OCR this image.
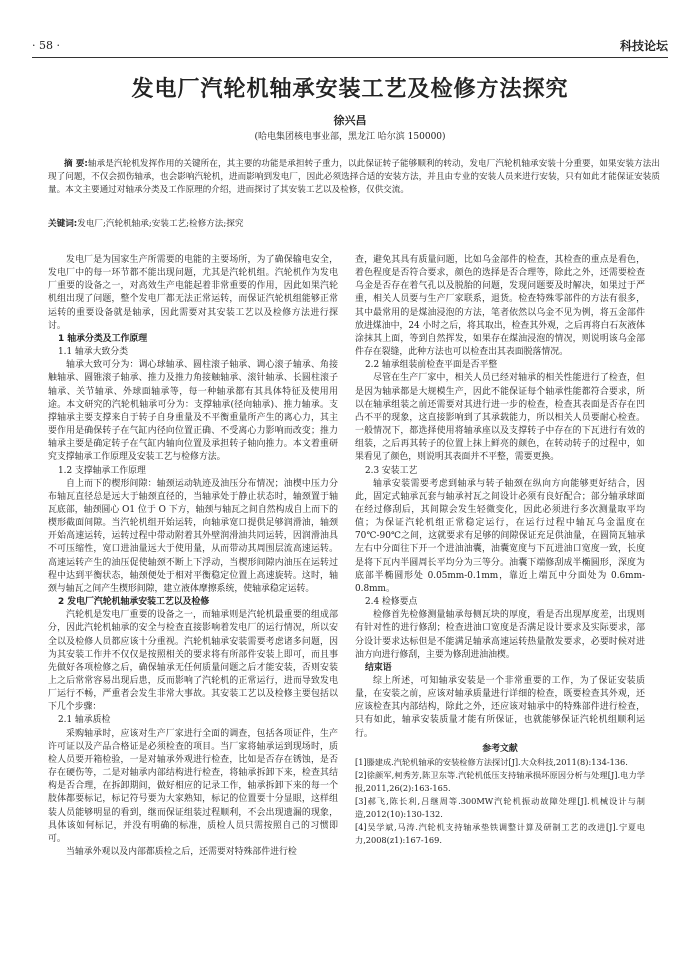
· 58 ·	科技论坛
发电厂汽轮机轴承安装工艺及检修方法探究
徐兴昌
(哈电集团核电事业部，黑龙江 哈尔滨 150000)

摘 要:轴承是汽轮机发挥作用的关键所在，其主要的功能是承担转子重力，以此保证转子能够顺利的转动，发电厂汽轮机轴承安装十分重要，如果安装方法出现了问题，不仅会损伤轴承，也会影响汽轮机，进而影响到发电厂，因此必须选择合适的安装方法，并且由专业的安装人员来进行安装，只有如此才能保证安装质量。本文主要通过对轴承分类及工作原理的介绍，进而探讨了其安装工艺以及检修，仅供交流。

关键词:发电厂;汽轮机轴承;安装工艺;检修方法;探究

发电厂是为国家生产所需要的电能的主要场所，为了确保输电安全，发电厂中的每一环节都不能出现问题，尤其是汽轮机组。汽轮机作为发电厂重要的设备之一，对高效生产电能起着非常重要的作用，因此如果汽轮机组出现了问题，整个发电厂都无法正常运转，而保证汽轮机组能够正常运转的重要设备就是轴承，因此需要对其安装工艺以及检修方法进行探讨。

1 轴承分类及工作原理

1.1 轴承大致分类

轴承大致可分为：调心球轴承、圆柱滚子轴承、调心滚子轴承、角接触轴承、圆锥滚子轴承、推力及推力角接触轴承、滚针轴承、长圆柱滚子轴承、关节轴承、外球面轴承等，每一种轴承都有其具体特征及使用用途。本文研究的汽轮机轴承可分为：支撑轴承(径向轴承)、推力轴承。支撑轴承主要支撑来自于转子自身重量及不平衡重量所产生的离心力，其主要作用是确保转子在气缸内径向位置正确、不受离心力影响而改变；推力轴承主要是确定转子在气缸内轴向位置及承担转子轴向推力。本文着重研究支撑轴承工作原理及安装工艺与检修方法。

1.2 支撑轴承工作原理

自上而下的楔形间隙：轴颈运动轨迹及油压分布情况；油楔中压力分布轴瓦直径总是远大于轴颈直径的，当轴承处于静止状态时，轴颈置于轴瓦底部，轴颈圆心 O1 位于 O 下方，轴颈与轴瓦之间自然构成自上而下的楔形截面间隙。当汽轮机组开始运转，向轴承宽口提供足够润滑油，轴颈开始高速运转，运转过程中带动附着其外壁润滑油共同运转，因润滑油具不可压缩性，宽口进油量远大于使用量，从而带动其周围层流高速运转。高速运转产生的油压促使轴颈不断上下浮动，当楔形间隙内油压在运转过程中达到平衡状态，轴颈便处于相对平衡稳定位置上高速旋转。这时，轴颈与轴瓦之间产生楔形间隙，建立液体摩擦系统，使轴承稳定运转。

2 发电厂汽轮机轴承安装工艺以及检修

汽轮机是发电厂重要的设备之一，而轴承则是汽轮机最重要的组成部分，因此汽轮机轴承的安全与检查直接影响着发电厂的运行情况，所以安全以及检修人员都应该十分重视。汽轮机轴承安装需要考虑诸多问题，因为其安装工作并不仅仅是按照相关的要求将有所部件安装上即可，而且事先做好各项检修之后，确保轴承无任何质量问题之后才能安装，否则安装上之后常常容易出现后患，反而影响了汽轮机的正常运行，进而导致发电厂运行不畅，严重者会发生非常大事故。其安装工艺以及检修主要包括以下几个步骤：

2.1 轴承质检

采购轴承时，应该对生产厂家进行全面的调查，包括各项证件，生产许可证以及产品合格证是必须检查的项目。当厂家将轴承运到现场时，质检人员要开箱检验，一是对轴承外观进行检查，比如是否存在锈蚀，是否存在硬伤等，二是对轴承内部结构进行检查，将轴承拆卸下来，检查其结构是否合理，在拆卸期间，做好相应的记录工作，轴承拆卸下来的每一个肢体都要标记，标记符号要为大家熟知，标记的位置要十分显眼，这样组装人员能够明显的看到，继而保证组装过程顺利，不会出现遗漏的现象，具体该如何标记，并没有明确的标准，质检人员只需按照自己的习惯即可。

当轴承外观以及内部都质检之后，还需要对特殊部件进行检

查，避免其具有质量问题，比如乌金部件的检查，其检查的重点是看色，着色程度是否符合要求，颜色的选择是否合理等，除此之外，还需要检查乌金是否存在着气孔以及脱胎的问题，发现问题要及时解决，如果过于严重，相关人员要与生产厂家联系，退货。检查特殊零部件的方法有很多，其中最常用的是煤油浸泡的方法，笔者依然以乌金不见为例，将五金部件放进煤油中，24 小时之后，将其取出，检查其外观，之后再将白石灰液体涂抹其上面，等到自然挥发，如果存在煤油浸泡的情况，则说明该乌金部件存在裂缝，此种方法也可以检查出其表面脱落情况。

2.2 轴承组装前检查平面是否平整

尽管在生产厂家中，相关人员已经对轴承的相关性能进行了检查，但是因为轴承都是大规模生产，因此不能保证每个轴承性能都符合要求，所以在轴承组装之前还需要对其进行进一步的检查，检查其表面是否存在凹凸不平的现象，这直接影响到了其承载能力，所以相关人员要耐心检查。一般情况下，都选择使用将轴承座以及支撑转子中存在的下瓦进行有效的组装，之后再其转子的位置上抹上鲜亮的颜色，在转动转子的过程中，如果看见了颜色，则说明其表面并不平整，需要更换。

2.3 安装工艺

轴承安装需要考虑到轴承与转子轴颈在纵向方向能够更好结合，因此，固定式轴承瓦套与轴承衬瓦之间设计必须有良好配合；部分轴承球面在经过修刮后，其间隙会发生轻微变化，因此必须进行多次测量取平均值；为保证汽轮机组正常稳定运行，在运行过程中轴瓦乌金温度在 70℃-90℃之间，这就要求有足够的间隙保证充足供油量，在圆筒瓦轴承左右中分面往下开一个进油油囊，油囊宽度与下瓦进油口宽度一致，长度是将下瓦内半圆周长平均分为三等分。油囊下端修刮成半椭圆形，深度为底部半椭圆形处 0.05mm-0.1mm，靠近上端瓦中分面处为 0.6mm-0.8mm。

2.4 检修要点

检修首先检修测量轴承每侧瓦块的厚度，看是否出现厚度差，出现则有针对性的进行修刮；检查进油口宽度是否满足设计要求及实际要求，部分设计要求达标但是不能满足轴承高速运转热量散发要求，必要时候对进油方向进行修刮，主要为修刮进油油楔。

结束语

综上所述，可知轴承安装是一个非常重要的工作，为了保证安装质量，在安装之前，应该对轴承质量进行详细的检查，既要检查其外观，还应该检查其内部结构，除此之外，还应该对轴承中的特殊部件进行检查，只有如此，轴承安装质量才能有所保证，也就能够保证汽轮机组顺利运行。

参考文献

[1]滕建成.汽轮机轴承的安装检修方法探讨[J].大众科技,2011(8):134-136.

[2]徐颜军,柯秀芳,陈卫东等.汽轮机低压支持轴承损坏原因分析与处理[J].电力学报,2011,26(2):163-165.

[3]郝飞,陈长利,吕继周等.300MW汽轮机振动故障处理[J].机械设计与制造,2012(10):130-132.

[4]吴学斌,马涛.汽轮机支持轴承垫铁调整计算及研制工艺的改进[J].宁夏电力,2008(z1):167-169.
